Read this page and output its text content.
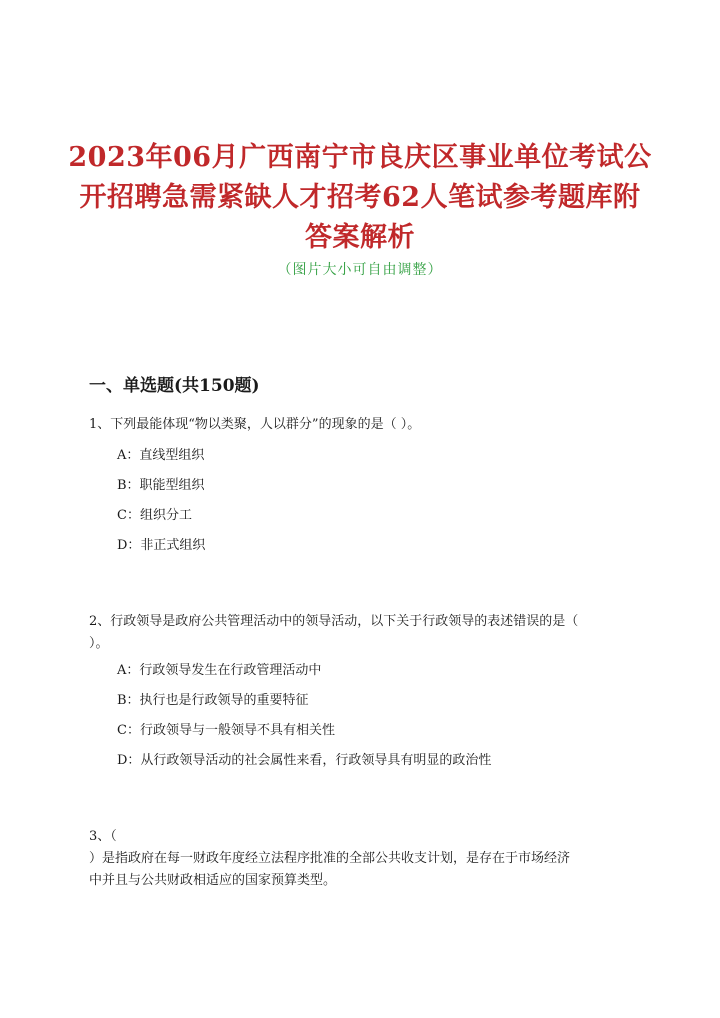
2023年06月广西南宁市良庆区事业单位考试公
开招聘急需紧缺人才招考62人笔试参考题库附
答案解析
（图片大小可自由调整）
一、单选题(共150题)
1、下列最能体现“物以类聚，人以群分”的现象的是（ ）。
A：直线型组织
B：职能型组织
C：组织分工
D：非正式组织
2、行政领导是政府公共管理活动中的领导活动，以下关于行政领导的表述错误的是（
）。
A：行政领导发生在行政管理活动中
B：执行也是行政领导的重要特征
C：行政领导与一般领导不具有相关性
D：从行政领导活动的社会属性来看，行政领导具有明显的政治性
3、（
）是指政府在每一财政年度经立法程序批准的全部公共收支计划，是存在于市场经济
中并且与公共财政相适应的国家预算类型。
